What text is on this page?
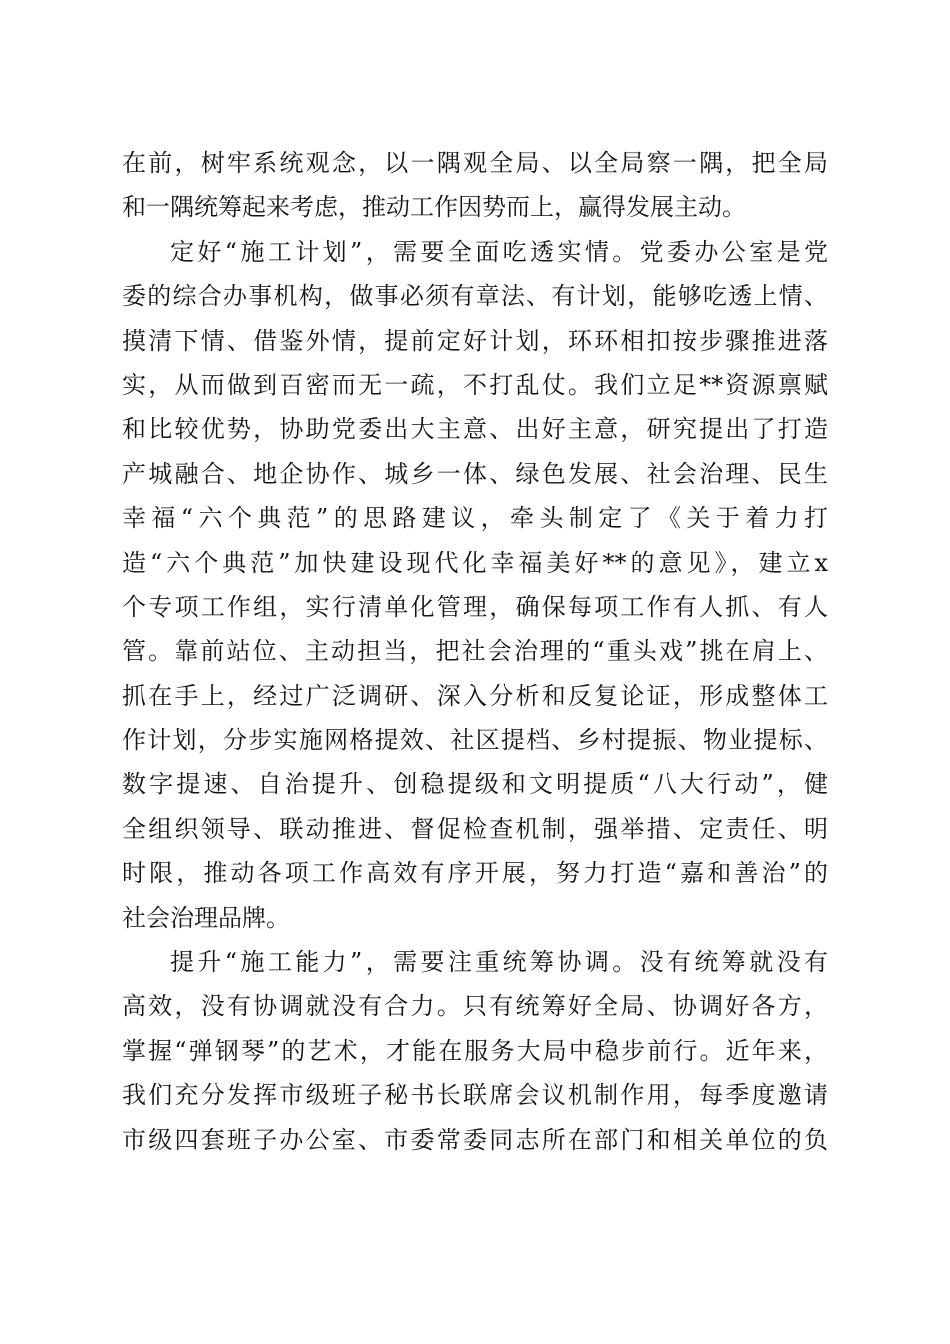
在前，树牢系统观念，以一隅观全局、以全局察一隅，把全局
和一隅统筹起来考虑，推动工作因势而上，赢得发展主动。
定好“施工计划”，需要全面吃透实情。党委办公室是党
委的综合办事机构，做事必须有章法、有计划，能够吃透上情、
摸清下情、借鉴外情，提前定好计划，环环相扣按步骤推进落
实，从而做到百密而无一疏，不打乱仗。我们立足**资源禀赋
和比较优势，协助党委出大主意、出好主意，研究提出了打造
产城融合、地企协作、城乡一体、绿色发展、社会治理、民生
幸福“六个典范”的思路建议，牵头制定了《关于着力打
造“六个典范”加快建设现代化幸福美好**的意见》，建立x
个专项工作组，实行清单化管理，确保每项工作有人抓、有人
管。靠前站位、主动担当，把社会治理的“重头戏”挑在肩上、
抓在手上，经过广泛调研、深入分析和反复论证，形成整体工
作计划，分步实施网格提效、社区提档、乡村提振、物业提标、
数字提速、自治提升、创稳提级和文明提质“八大行动”，健
全组织领导、联动推进、督促检查机制，强举措、定责任、明
时限，推动各项工作高效有序开展，努力打造“嘉和善治”的
社会治理品牌。
提升“施工能力”，需要注重统筹协调。没有统筹就没有
高效，没有协调就没有合力。只有统筹好全局、协调好各方，
掌握“弹钢琴”的艺术，才能在服务大局中稳步前行。近年来，
我们充分发挥市级班子秘书长联席会议机制作用，每季度邀请
市级四套班子办公室、市委常委同志所在部门和相关单位的负
